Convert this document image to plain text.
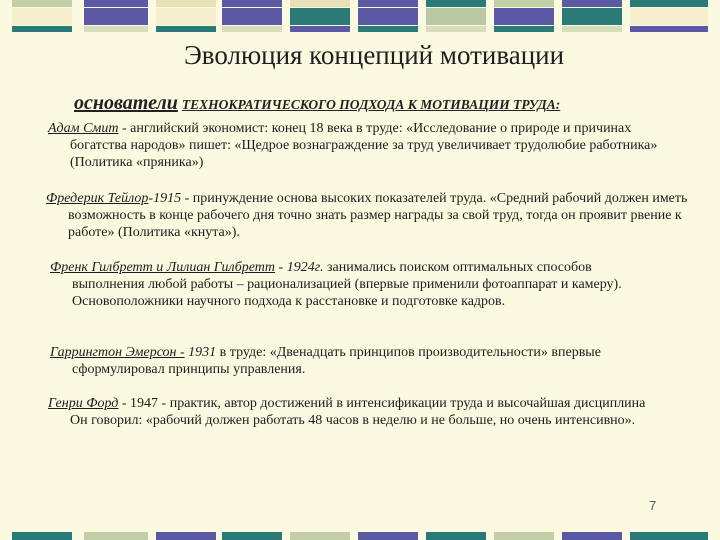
Эволюция концепций мотивации
основатели ТЕХНОКРАТИЧЕСКОГО ПОДХОДА К МОТИВАЦИИ ТРУДА:
Адам Смит - английский экономист: конец 18 века в труде: «Исследование о природе и причинах богатства народов» пишет: «Щедрое вознаграждение за труд увеличивает трудолюбие работника» (Политика «пряника»)
Фредерик Тейлор-1915 - принуждение основа высоких показателей труда. «Средний рабочий должен иметь возможность в конце рабочего дня точно знать размер награды за свой труд, тогда он проявит рвение к работе» (Политика «кнута»).
Френк Гилбретт и Лилиан Гилбретт - 1924г. занимались поиском оптимальных способов выполнения любой работы – рационализацией (впервые применили фотоаппарат и камеру). Основоположники научного подхода к расстановке и подготовке кадров.
Гаррингтон Эмерсон - 1931 в труде: «Двенадцать принципов производительности» впервые сформулировал принципы управления.
Генри Форд - 1947 - практик, автор достижений в интенсификации труда и высочайшая дисциплина Он говорил: «рабочий должен работать 48 часов в неделю и не больше, но очень интенсивно».
7
